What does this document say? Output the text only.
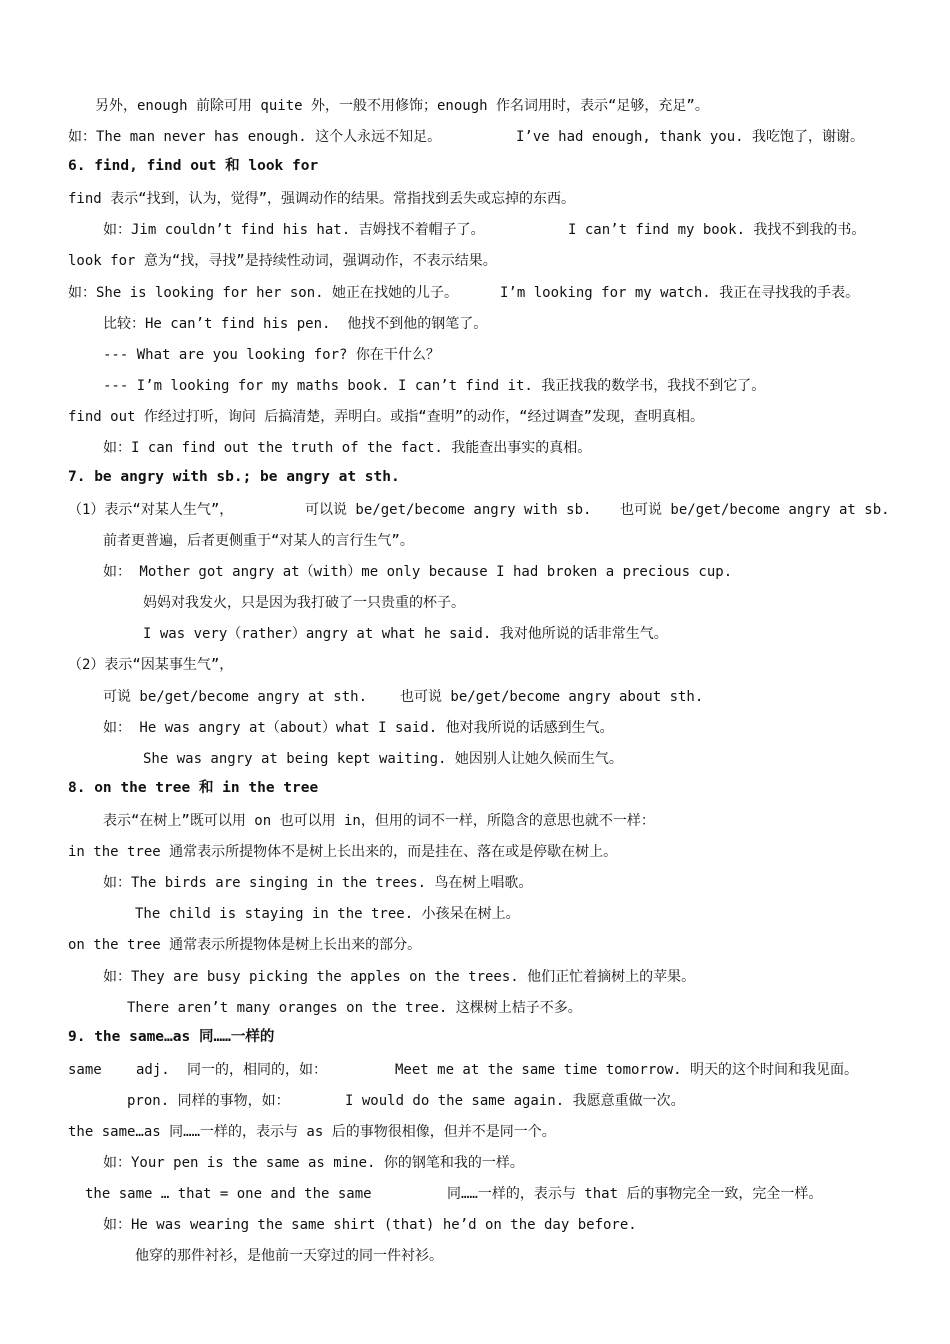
另外，enough 前除可用 quite 外，一般不用修饰；enough 作名词用时，表示“足够，充足”。
如：The man never has enough. 这个人永远不知足。	I’ve had enough, thank you. 我吃饱了，谢谢。
6. find, find out 和 look for
find 表示“找到，认为，觉得”，强调动作的结果。常指找到丢失或忘掉的东西。
如：Jim couldn’t find his hat. 吉姆找不着帽子了。	I can’t find my book. 我找不到我的书。
look for 意为“找，寻找”是持续性动词，强调动作，不表示结果。
如：She is looking for her son. 她正在找她的儿子。	I’m looking for my watch. 我正在寻找我的手表。
比较：He can’t find his pen.  他找不到他的钢笔了。
--- What are you looking for? 你在干什么？
--- I’m looking for my maths book. I can’t find it. 我正找我的数学书，我找不到它了。
find out 作经过打听，询问 后搞清楚，弄明白。或指“查明”的动作，“经过调查”发现，查明真相。
如：I can find out the truth of the fact. 我能查出事实的真相。
7. be angry with sb.; be angry at sth.
（1）表示“对某人生气”，	可以说 be/get/become angry with sb. 也可说 be/get/become angry at sb.
前者更普遍，后者更侧重于“对某人的言行生气”。
如： Mother got angry at（with）me only because I had broken a precious cup.
妈妈对我发火，只是因为我打破了一只贵重的杯子。
I was very（rather）angry at what he said. 我对他所说的话非常生气。
（2）表示“因某事生气”，
可说 be/get/become angry at sth. 也可说 be/get/become angry about sth.
如： He was angry at（about）what I said. 他对我所说的话感到生气。
She was angry at being kept waiting. 她因别人让她久候而生气。
8. on the tree 和 in the tree
表示“在树上”既可以用 on 也可以用 in，但用的词不一样，所隐含的意思也就不一样：
in the tree 通常表示所提物体不是树上长出来的，而是挂在、落在或是停歇在树上。
如：The birds are singing in the trees. 鸟在树上唱歌。
The child is staying in the tree. 小孩呆在树上。
on the tree 通常表示所提物体是树上长出来的部分。
如：They are busy picking the apples on the trees. 他们正忙着摘树上的苹果。
There aren’t many oranges on the tree. 这棵树上桔子不多。
9. the same…as 同……一样的
same adj. 同一的，相同的，如：	Meet me at the same time tomorrow. 明天的这个时间和我见面。
pron. 同样的事物，如：	I would do the same again. 我愿意重做一次。
the same…as 同……一样的，表示与 as 后的事物很相像，但并不是同一个。
如：Your pen is the same as mine. 你的钢笔和我的一样。
the same … that = one and the same	同……一样的，表示与 that 后的事物完全一致，完全一样。
如：He was wearing the same shirt (that) he’d on the day before.
他穿的那件衬衫，是他前一天穿过的同一件衬衫。
